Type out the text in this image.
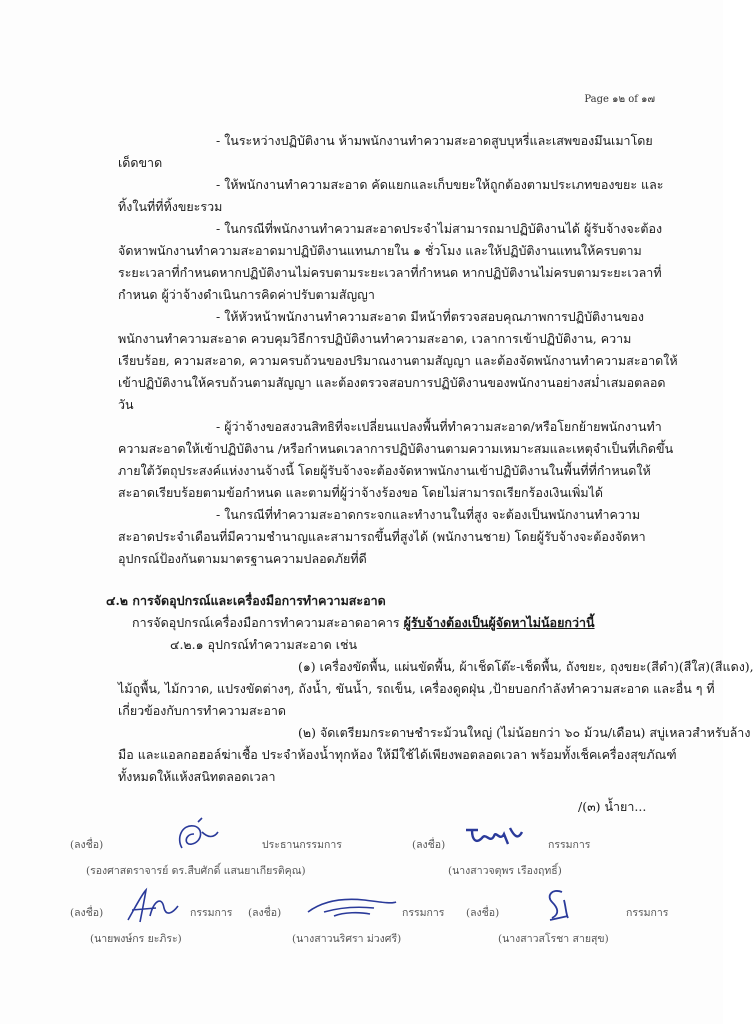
Page ๑๒ of ๑๗
- ในระหว่างปฏิบัติงาน ห้ามพนักงานทำความสะอาดสูบบุหรี่และเสพของมึนเมาโดย
เด็ดขาด
- ให้พนักงานทำความสะอาด คัดแยกและเก็บขยะให้ถูกต้องตามประเภทของขยะ และ
ทิ้งในที่ที่ทิ้งขยะรวม
- ในกรณีที่พนักงานทำความสะอาดประจำไม่สามารถมาปฏิบัติงานได้ ผู้รับจ้างจะต้อง
จัดหาพนักงานทำความสะอาดมาปฏิบัติงานแทนภายใน ๑ ชั่วโมง และให้ปฏิบัติงานแทนให้ครบตาม
ระยะเวลาที่กำหนดหากปฏิบัติงานไม่ครบตามระยะเวลาที่กำหนด หากปฏิบัติงานไม่ครบตามระยะเวลาที่
กำหนด ผู้ว่าจ้างดำเนินการคิดค่าปรับตามสัญญา
- ให้หัวหน้าพนักงานทำความสะอาด มีหน้าที่ตรวจสอบคุณภาพการปฏิบัติงานของ
พนักงานทำความสะอาด ควบคุมวิธีการปฏิบัติงานทำความสะอาด, เวลาการเข้าปฏิบัติงาน, ความ
เรียบร้อย, ความสะอาด, ความครบถ้วนของปริมาณงานตามสัญญา และต้องจัดพนักงานทำความสะอาดให้
เข้าปฏิบัติงานให้ครบถ้วนตามสัญญา และต้องตรวจสอบการปฏิบัติงานของพนักงานอย่างสม่ำเสมอตลอด
วัน
- ผู้ว่าจ้างขอสงวนสิทธิที่จะเปลี่ยนแปลงพื้นที่ทำความสะอาด/หรือโยกย้ายพนักงานทำ
ความสะอาดให้เข้าปฏิบัติงาน /หรือกำหนดเวลาการปฏิบัติงานตามความเหมาะสมและเหตุจำเป็นที่เกิดขึ้น
ภายใต้วัตถุประสงค์แห่งงานจ้างนี้ โดยผู้รับจ้างจะต้องจัดหาพนักงานเข้าปฏิบัติงานในพื้นที่ที่กำหนดให้
สะอาดเรียบร้อยตามข้อกำหนด และตามที่ผู้ว่าจ้างร้องขอ โดยไม่สามารถเรียกร้องเงินเพิ่มได้
- ในกรณีที่ทำความสะอาดกระจกและทำงานในที่สูง จะต้องเป็นพนักงานทำความ
สะอาดประจำเดือนที่มีความชำนาญและสามารถขึ้นที่สูงได้ (พนักงานชาย) โดยผู้รับจ้างจะต้องจัดหา
อุปกรณ์ป้องกันตามมาตรฐานความปลอดภัยที่ดี
๔.๒ การจัดอุปกรณ์และเครื่องมือการทำความสะอาด
การจัดอุปกรณ์เครื่องมือการทำความสะอาดอาคาร ผู้รับจ้างต้องเป็นผู้จัดหาไม่น้อยกว่านี้
๔.๒.๑ อุปกรณ์ทำความสะอาด เช่น
(๑) เครื่องขัดพื้น, แผ่นขัดพื้น, ผ้าเช็ดโต๊ะ-เช็ดพื้น, ถังขยะ, ถุงขยะ(สีดำ)(สีใส)(สีแดง),
ไม้ถูพื้น, ไม้กวาด, แปรงขัดต่างๆ, ถังน้ำ, ขันน้ำ, รถเข็น, เครื่องดูดฝุ่น ,ป้ายบอกกำลังทำความสะอาด และอื่น ๆ ที่
เกี่ยวข้องกับการทำความสะอาด
(๒) จัดเตรียมกระดาษชำระม้วนใหญ่ (ไม่น้อยกว่า ๖๐ ม้วน/เดือน) สบู่เหลวสำหรับล้าง
มือ และแอลกอฮอล์ฆ่าเชื้อ ประจำห้องน้ำทุกห้อง ให้มีใช้ได้เพียงพอตลอดเวลา พร้อมทั้งเช็คเครื่องสุขภัณฑ์
ทั้งหมดให้แห้งสนิทตลอดเวลา
/(๓) น้ำยา...
(ลงชื่อ)	ประธานกรรมการ
(รองศาสตราจารย์ ดร.สืบศักดิ์ แสนยาเกียรติคุณ)
(ลงชื่อ)	กรรมการ
(นางสาวจตุพร เรืองฤทธิ์)
(ลงชื่อ)	กรรมการ
(นายพงษ์กร ยะภิระ)
(ลงชื่อ)	กรรมการ
(นางสาวนริศรา ม่วงศรี)
(ลงชื่อ)	กรรมการ
(นางสาวสโรชา สายสุข)
